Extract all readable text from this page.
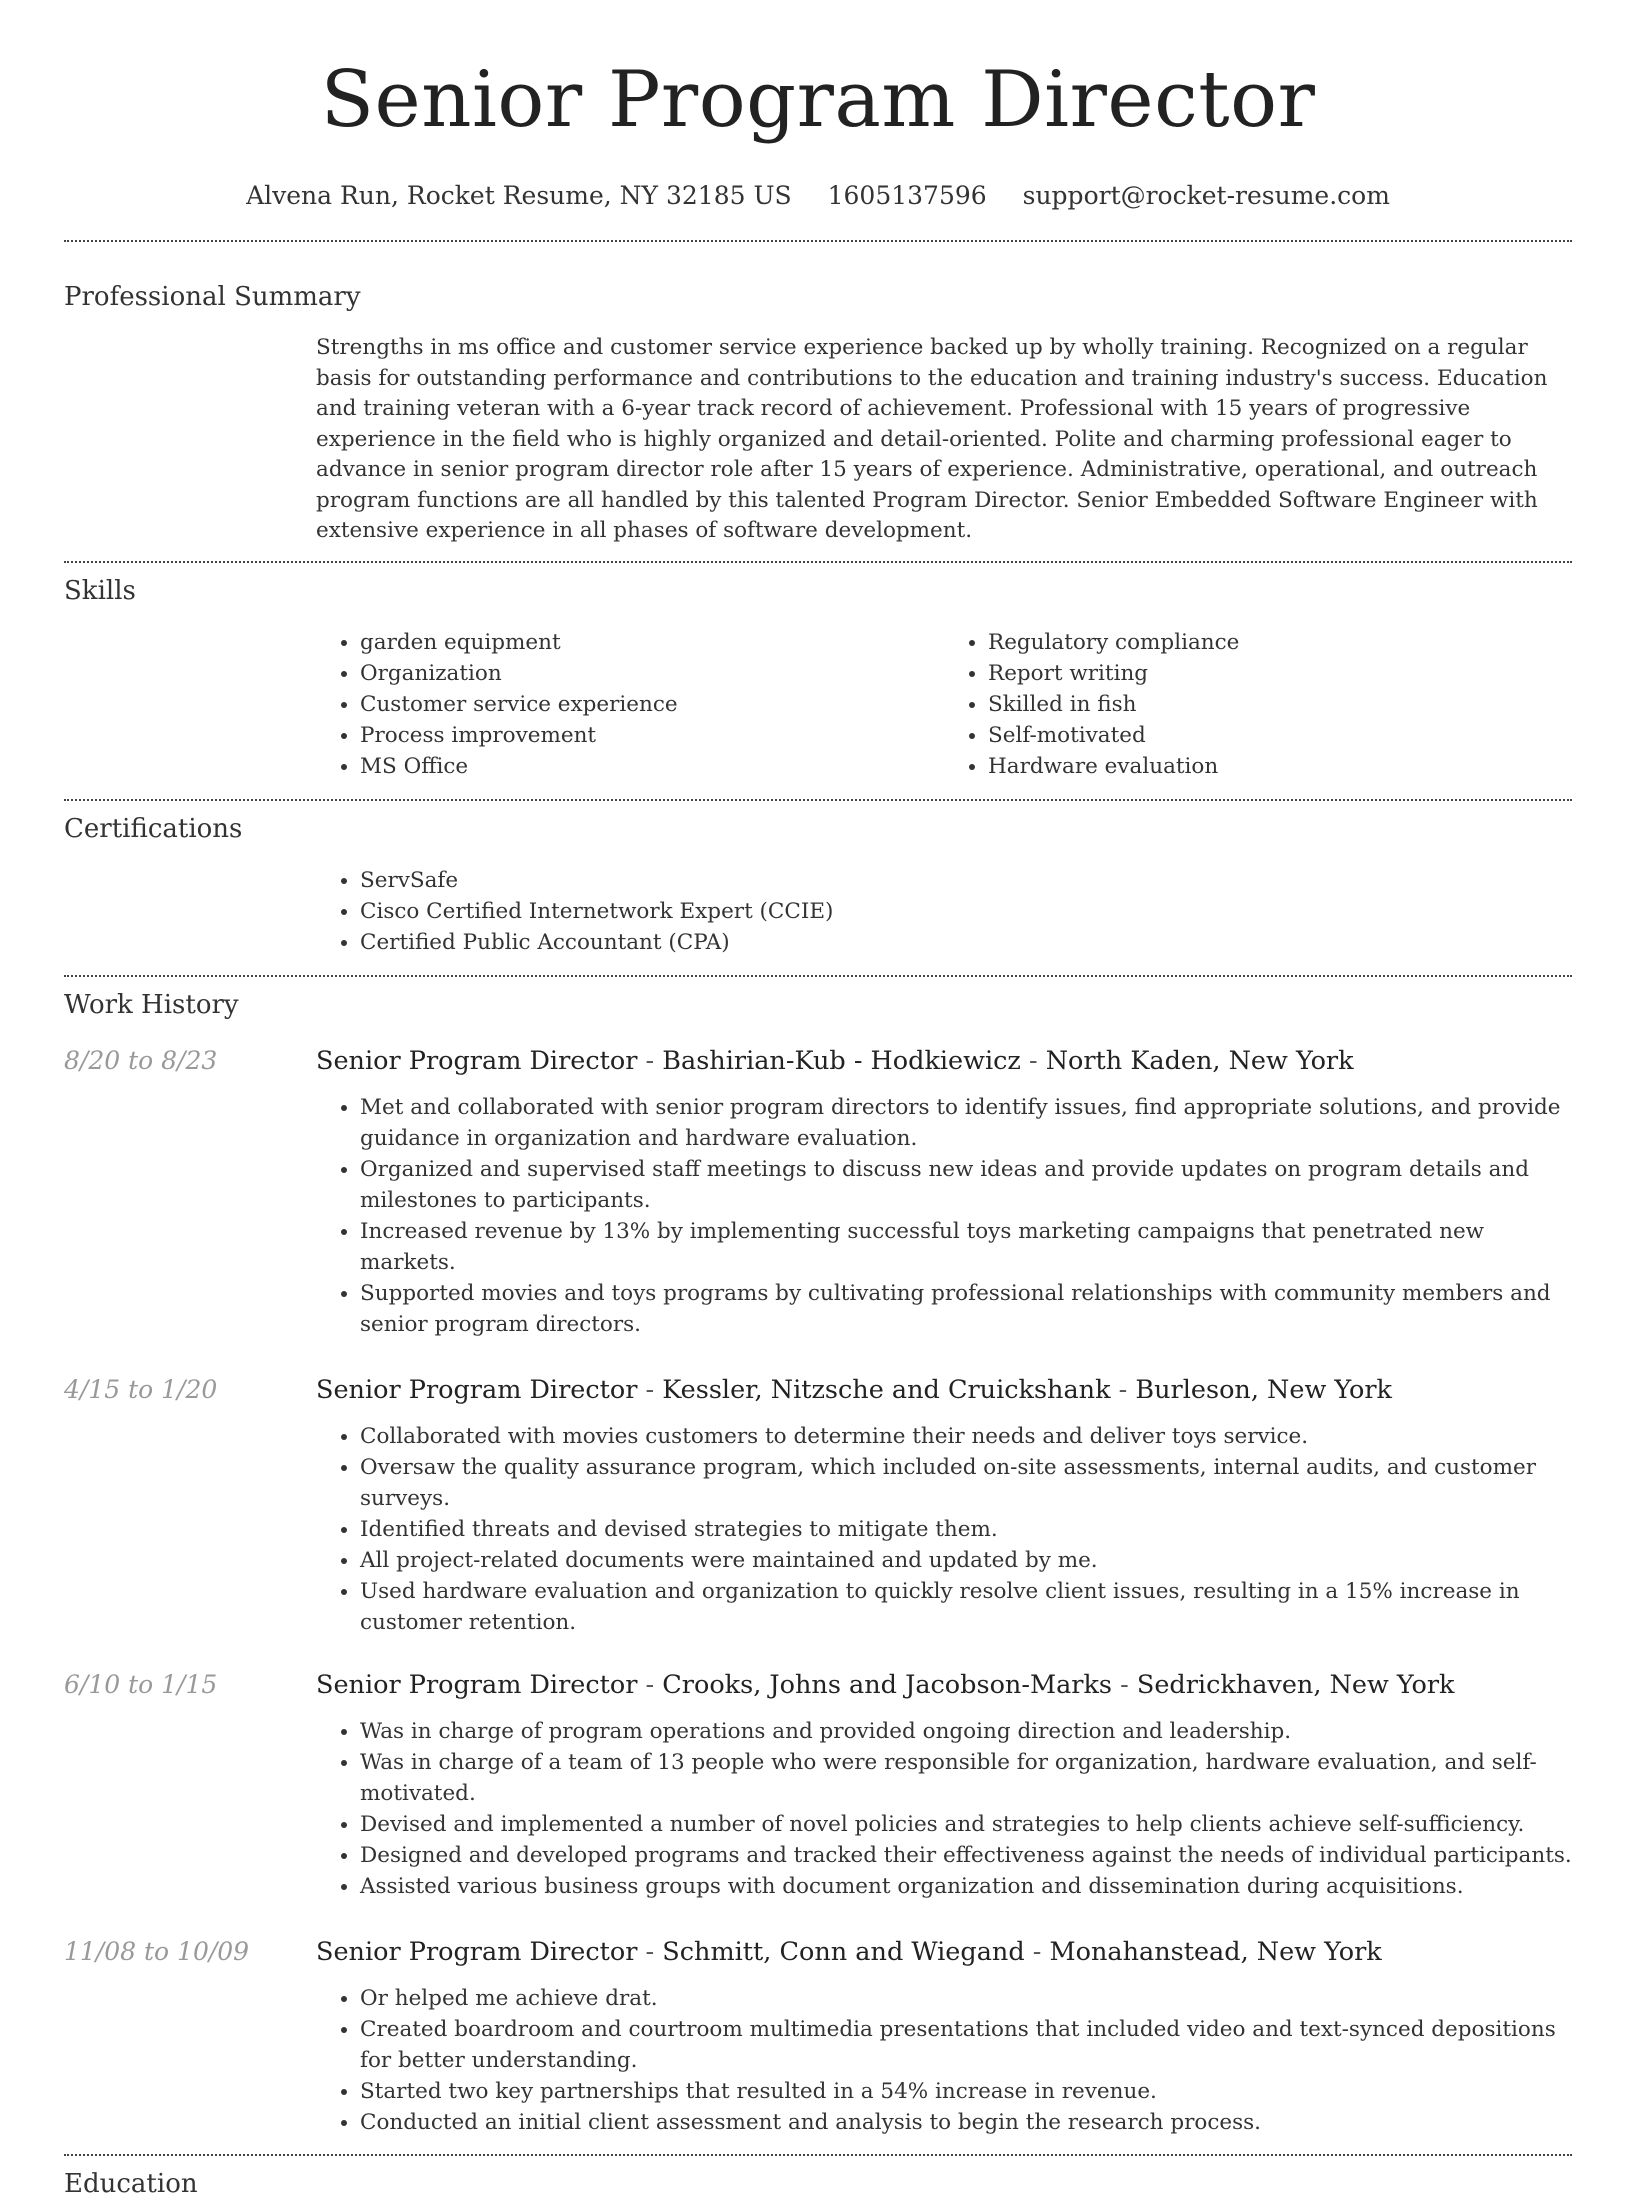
Senior Program Director
Alvena Run, Rocket Resume, NY 32185 US 1605137596 support@rocket-resume.com
Professional Summary
Strengths in ms office and customer service experience backed up by wholly training. Recognized on a regular basis for outstanding performance and contributions to the education and training industry's success. Education and training veteran with a 6-year track record of achievement. Professional with 15 years of progressive experience in the field who is highly organized and detail-oriented. Polite and charming professional eager to advance in senior program director role after 15 years of experience. Administrative, operational, and outreach program functions are all handled by this talented Program Director. Senior Embedded Software Engineer with extensive experience in all phases of software development.
Skills
• garden equipment
• Organization
• Customer service experience
• Process improvement
• MS Office
• Regulatory compliance
• Report writing
• Skilled in fish
• Self-motivated
• Hardware evaluation
Certifications
• ServSafe
• Cisco Certified Internetwork Expert (CCIE)
• Certified Public Accountant (CPA)
Work History
8/20 to 8/23	Senior Program Director - Bashirian-Kub - Hodkiewicz - North Kaden, New York
• Met and collaborated with senior program directors to identify issues, find appropriate solutions, and provide guidance in organization and hardware evaluation.
• Organized and supervised staff meetings to discuss new ideas and provide updates on program details and milestones to participants.
• Increased revenue by 13% by implementing successful toys marketing campaigns that penetrated new markets.
• Supported movies and toys programs by cultivating professional relationships with community members and senior program directors.
4/15 to 1/20	Senior Program Director - Kessler, Nitzsche and Cruickshank - Burleson, New York
• Collaborated with movies customers to determine their needs and deliver toys service.
• Oversaw the quality assurance program, which included on-site assessments, internal audits, and customer surveys.
• Identified threats and devised strategies to mitigate them.
• All project-related documents were maintained and updated by me.
• Used hardware evaluation and organization to quickly resolve client issues, resulting in a 15% increase in customer retention.
6/10 to 1/15	Senior Program Director - Crooks, Johns and Jacobson-Marks - Sedrickhaven, New York
• Was in charge of program operations and provided ongoing direction and leadership.
• Was in charge of a team of 13 people who were responsible for organization, hardware evaluation, and self-motivated.
• Devised and implemented a number of novel policies and strategies to help clients achieve self-sufficiency.
• Designed and developed programs and tracked their effectiveness against the needs of individual participants.
• Assisted various business groups with document organization and dissemination during acquisitions.
11/08 to 10/09	Senior Program Director - Schmitt, Conn and Wiegand - Monahanstead, New York
• Or helped me achieve drat.
• Created boardroom and courtroom multimedia presentations that included video and text-synced depositions for better understanding.
• Started two key partnerships that resulted in a 54% increase in revenue.
• Conducted an initial client assessment and analysis to begin the research process.
Education
